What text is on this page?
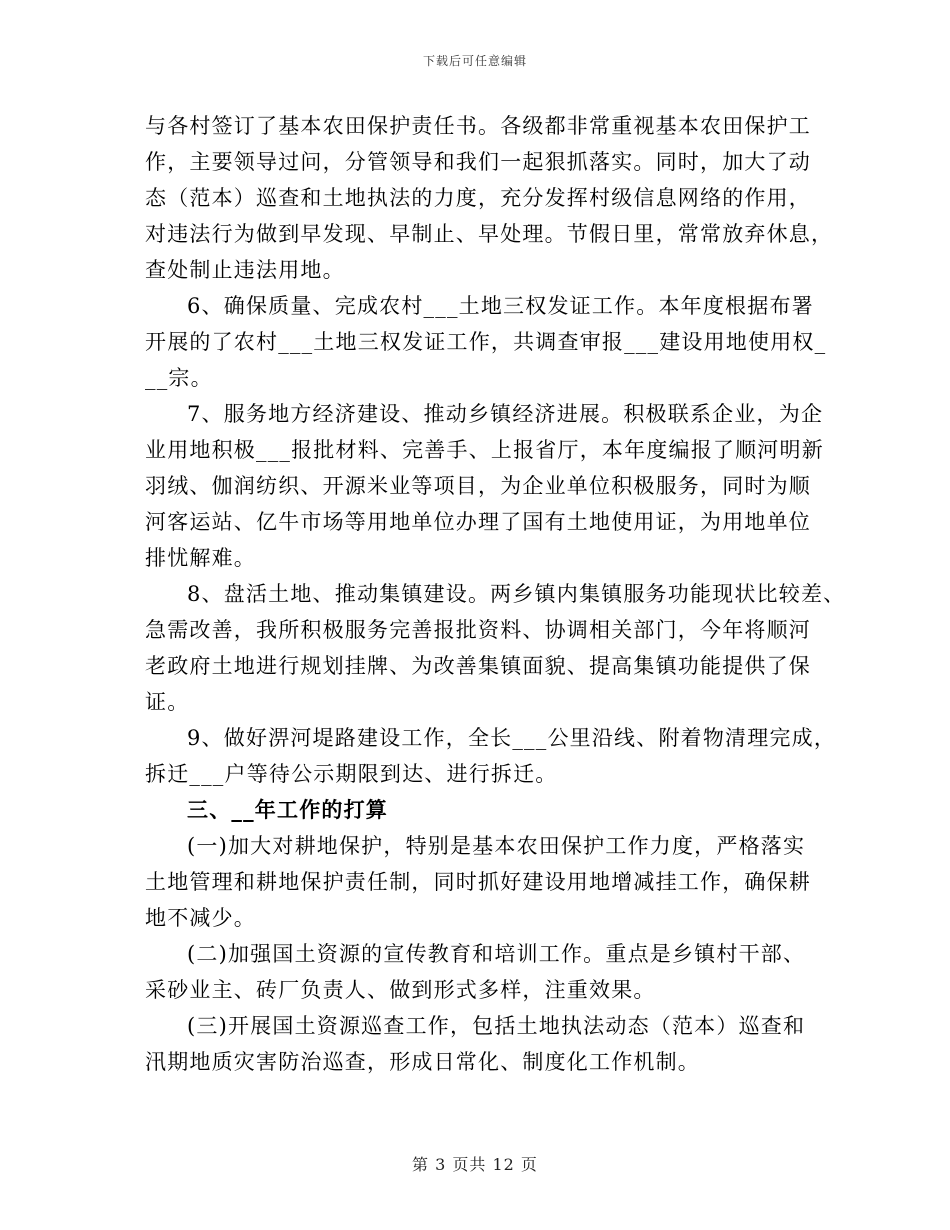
下载后可任意编辑

与各村签订了基本农田保护责任书。各级都非常重视基本农田保护工
作，主要领导过问，分管领导和我们一起狠抓落实。同时，加大了动
态（范本）巡查和土地执法的力度，充分发挥村级信息网络的作用，
对违法行为做到早发现、早制止、早处理。节假日里，常常放弃休息，
查处制止违法用地。

6、确保质量、完成农村___土地三权发证工作。本年度根据布署
开展的了农村___土地三权发证工作，共调查审报___建设用地使用权_
__宗。

7、服务地方经济建设、推动乡镇经济进展。积极联系企业，为企
业用地积极___报批材料、完善手、上报省厅，本年度编报了顺河明新
羽绒、伽润纺织、开源米业等项目，为企业单位积极服务，同时为顺
河客运站、亿牛市场等用地单位办理了国有土地使用证，为用地单位
排忧解难。

8、盘活土地、推动集镇建设。两乡镇内集镇服务功能现状比较差、
急需改善，我所积极服务完善报批资料、协调相关部门，今年将顺河
老政府土地进行规划挂牌、为改善集镇面貌、提高集镇功能提供了保
证。

9、做好淠河堤路建设工作，全长___公里沿线、附着物清理完成，
拆迁___户等待公示期限到达、进行拆迁。

三、__年工作的打算

(一)加大对耕地保护，特别是基本农田保护工作力度，严格落实
土地管理和耕地保护责任制，同时抓好建设用地增减挂工作，确保耕
地不减少。

(二)加强国土资源的宣传教育和培训工作。重点是乡镇村干部、
采砂业主、砖厂负责人、做到形式多样，注重效果。

(三)开展国土资源巡查工作，包括土地执法动态（范本）巡查和
汛期地质灾害防治巡查，形成日常化、制度化工作机制。

第 3 页共 12 页
